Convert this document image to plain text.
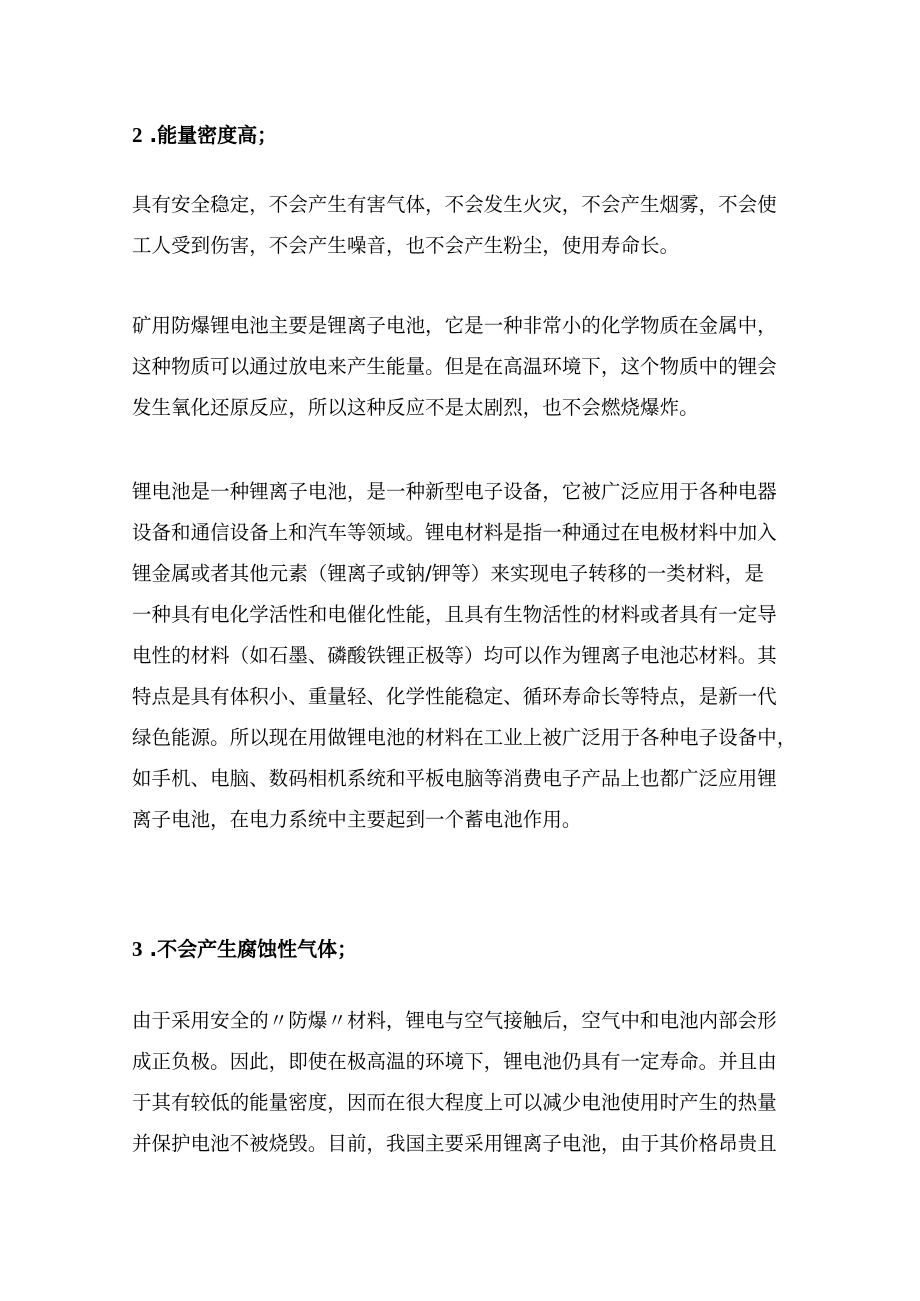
2 .能量密度高；

具有安全稳定，不会产生有害气体，不会发生火灾，不会产生烟雾，不会使
工人受到伤害，不会产生噪音，也不会产生粉尘，使用寿命长。

矿用防爆锂电池主要是锂离子电池，它是一种非常小的化学物质在金属中，
这种物质可以通过放电来产生能量。但是在高温环境下，这个物质中的锂会
发生氧化还原反应，所以这种反应不是太剧烈，也不会燃烧爆炸。

锂电池是一种锂离子电池，是一种新型电子设备，它被广泛应用于各种电器
设备和通信设备上和汽车等领域。锂电材料是指一种通过在电极材料中加入
锂金属或者其他元素（锂离子或钠/钾等）来实现电子转移的一类材料，是
一种具有电化学活性和电催化性能，且具有生物活性的材料或者具有一定导
电性的材料（如石墨、磷酸铁锂正极等）均可以作为锂离子电池芯材料。其
特点是具有体积小、重量轻、化学性能稳定、循环寿命长等特点，是新一代
绿色能源。所以现在用做锂电池的材料在工业上被广泛用于各种电子设备中，
如手机、电脑、数码相机系统和平板电脑等消费电子产品上也都广泛应用锂
离子电池，在电力系统中主要起到一个蓄电池作用。

3 .不会产生腐蚀性气体；

由于采用安全的〃防爆〃材料，锂电与空气接触后，空气中和电池内部会形
成正负极。因此，即使在极高温的环境下，锂电池仍具有一定寿命。并且由
于其有较低的能量密度，因而在很大程度上可以减少电池使用时产生的热量
并保护电池不被烧毁。目前，我国主要采用锂离子电池，由于其价格昂贵且
